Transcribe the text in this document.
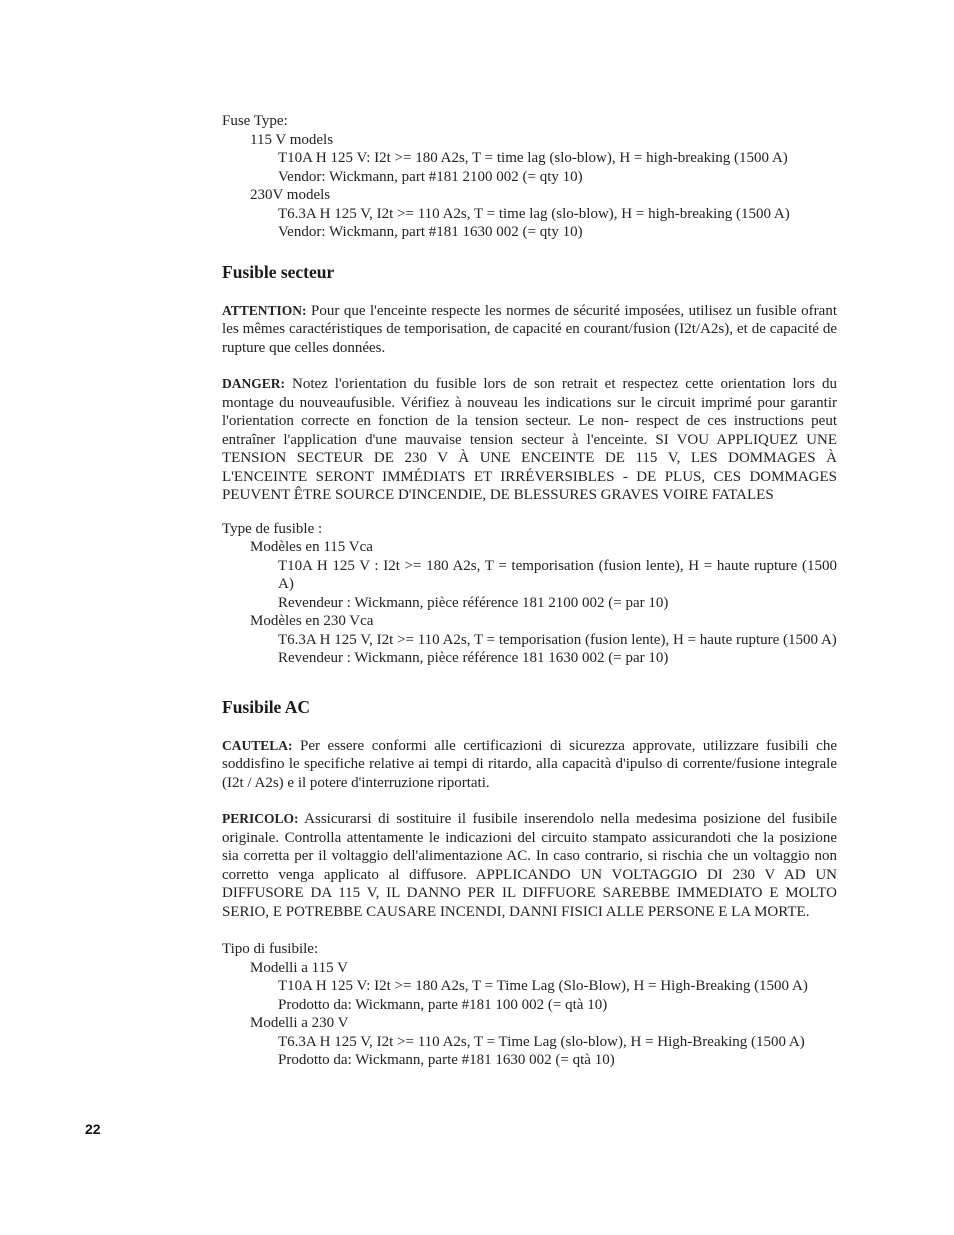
Fuse Type:
115 V models
T10A H 125 V: I2t >= 180 A2s, T = time lag (slo-blow), H = high-breaking (1500 A)
Vendor: Wickmann, part #181 2100 002 (= qty 10)
230V models
T6.3A H 125 V, I2t >= 110 A2s, T = time lag (slo-blow), H = high-breaking (1500 A)
Vendor: Wickmann, part #181 1630 002 (= qty 10)
Fusible secteur
ATTENTION: Pour que l'enceinte respecte les normes de sécurité imposées, utilisez un fusible ofrant les mêmes caractéristiques de temporisation, de capacité en courant/fusion (I2t/A2s), et de capacité de rupture que celles données.
DANGER: Notez l'orientation du fusible lors de son retrait et respectez cette orientation lors du montage du nouveaufusible. Vérifiez à nouveau les indications sur le circuit imprimé pour garantir l'orientation correcte en fonction de la tension secteur. Le non- respect de ces instructions peut entraîner l'application d'une mauvaise tension secteur à l'enceinte. SI VOU APPLIQUEZ UNE TENSION SECTEUR DE 230 V À UNE ENCEINTE DE 115 V, LES DOMMAGES À L'ENCEINTE SERONT IMMÉDIATS ET IRRÉVERSIBLES - DE PLUS, CES DOMMAGES PEUVENT ÊTRE SOURCE D'INCENDIE, DE BLESSURES GRAVES VOIRE FATALES
Type de fusible :
Modèles en 115 Vca
T10A H 125 V : I2t >= 180 A2s, T = temporisation (fusion lente), H = haute rupture (1500 A)
Revendeur : Wickmann, pièce référence 181 2100 002 (= par 10)
Modèles en 230 Vca
T6.3A H 125 V, I2t >= 110 A2s, T = temporisation (fusion lente), H = haute rupture (1500 A)
Revendeur : Wickmann, pièce référence 181 1630 002 (= par 10)
Fusibile AC
CAUTELA: Per essere conformi alle certificazioni di sicurezza approvate, utilizzare fusibili che soddisfino le specifiche relative ai tempi di ritardo, alla capacità d'ipulso di corrente/fusione integrale (I2t / A2s) e il potere d'interruzione riportati.
PERICOLO: Assicurarsi di sostituire il fusibile inserendolo nella medesima posizione del fusibile originale. Controlla attentamente le indicazioni del circuito stampato assicurandoti che la posizione sia corretta per il voltaggio dell'alimentazione AC. In caso contrario, si rischia che un voltaggio non corretto venga applicato al diffusore. APPLICANDO UN VOLTAGGIO DI 230 V AD UN DIFFUSORE DA 115 V, IL DANNO PER IL DIFFUORE SAREBBE IMMEDIATO E MOLTO SERIO, E POTREBBE CAUSARE INCENDI, DANNI FISICI ALLE PERSONE E LA MORTE.
Tipo di fusibile:
Modelli a 115 V
T10A H 125 V: I2t >= 180 A2s, T = Time Lag (Slo-Blow), H = High-Breaking (1500 A)
Prodotto da: Wickmann, parte #181 100 002 (= qtà 10)
Modelli a 230 V
T6.3A H 125 V, I2t >= 110 A2s, T = Time Lag (slo-blow), H = High-Breaking (1500 A)
Prodotto da: Wickmann, parte #181 1630 002 (= qtà 10)
22
